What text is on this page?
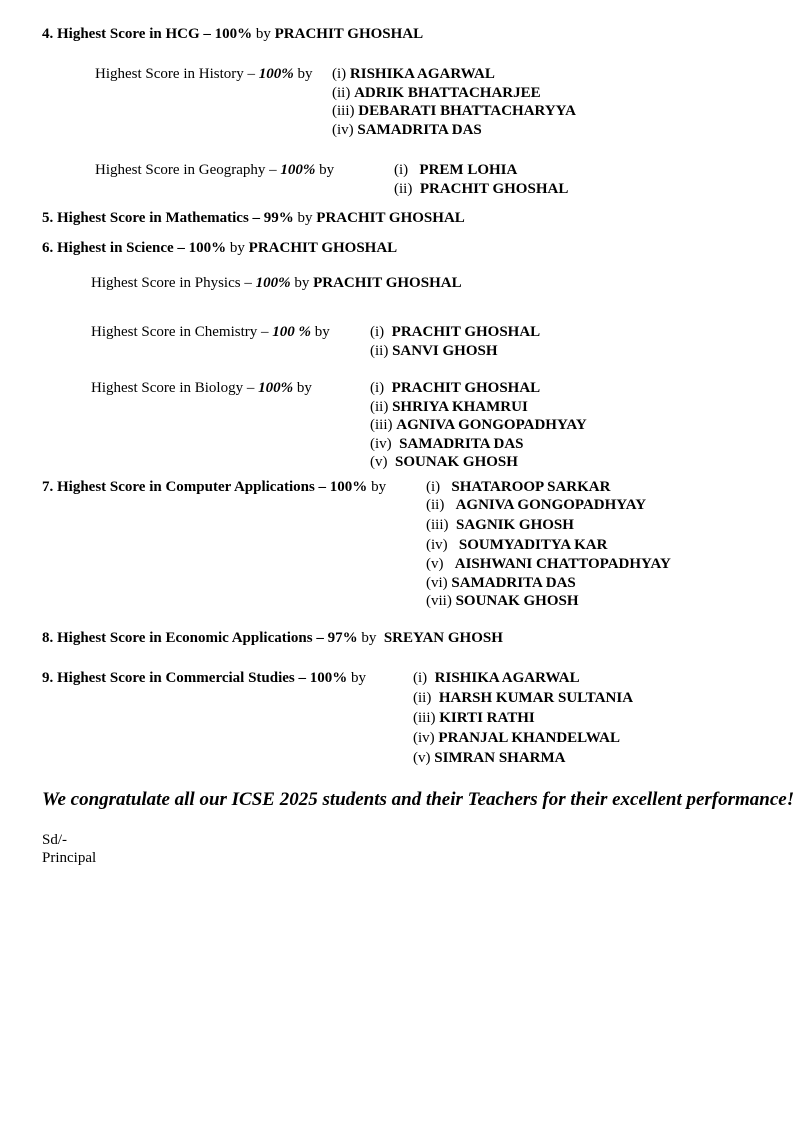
4. Highest Score in HCG – 100% by PRACHIT GHOSHAL
Highest Score in History – 100% by (i) RISHIKA AGARWAL
(ii) ADRIK BHATTACHARJEE
(iii) DEBARATI BHATTACHARYYA
(iv) SAMADRITA DAS
Highest Score in Geography – 100% by	(i)   PREM LOHIA
(ii)  PRACHIT GHOSHAL
5. Highest Score in Mathematics – 99% by PRACHIT GHOSHAL
6. Highest in Science – 100% by PRACHIT GHOSHAL
Highest Score in Physics – 100% by PRACHIT GHOSHAL
Highest Score in Chemistry – 100 % by	(i)  PRACHIT GHOSHAL
(ii) SANVI GHOSH
Highest Score in Biology – 100% by	(i)  PRACHIT GHOSHAL
(ii) SHRIYA KHAMRUI
(iii) AGNIVA GONGOPADHYAY
(iv)  SAMADRITA DAS
(v)  SOUNAK GHOSH
7. Highest Score in Computer Applications – 100% by	(i)   SHATAROOP SARKAR
(ii)   AGNIVA GONGOPADHYAY
(iii)  SAGNIK GHOSH
(iv)   SOUMYADITYA KAR
(v)   AISHWANI CHATTOPADHYAY
(vi) SAMADRITA DAS
(vii) SOUNAK GHOSH
8. Highest Score in Economic Applications – 97% by  SREYAN GHOSH
9. Highest Score in Commercial Studies – 100% by	(i)  RISHIKA AGARWAL
(ii)  HARSH KUMAR SULTANIA
(iii) KIRTI RATHI
(iv) PRANJAL KHANDELWAL
(v) SIMRAN SHARMA
We congratulate all our ICSE 2025 students and their Teachers for their excellent performance!
Sd/-
Principal
